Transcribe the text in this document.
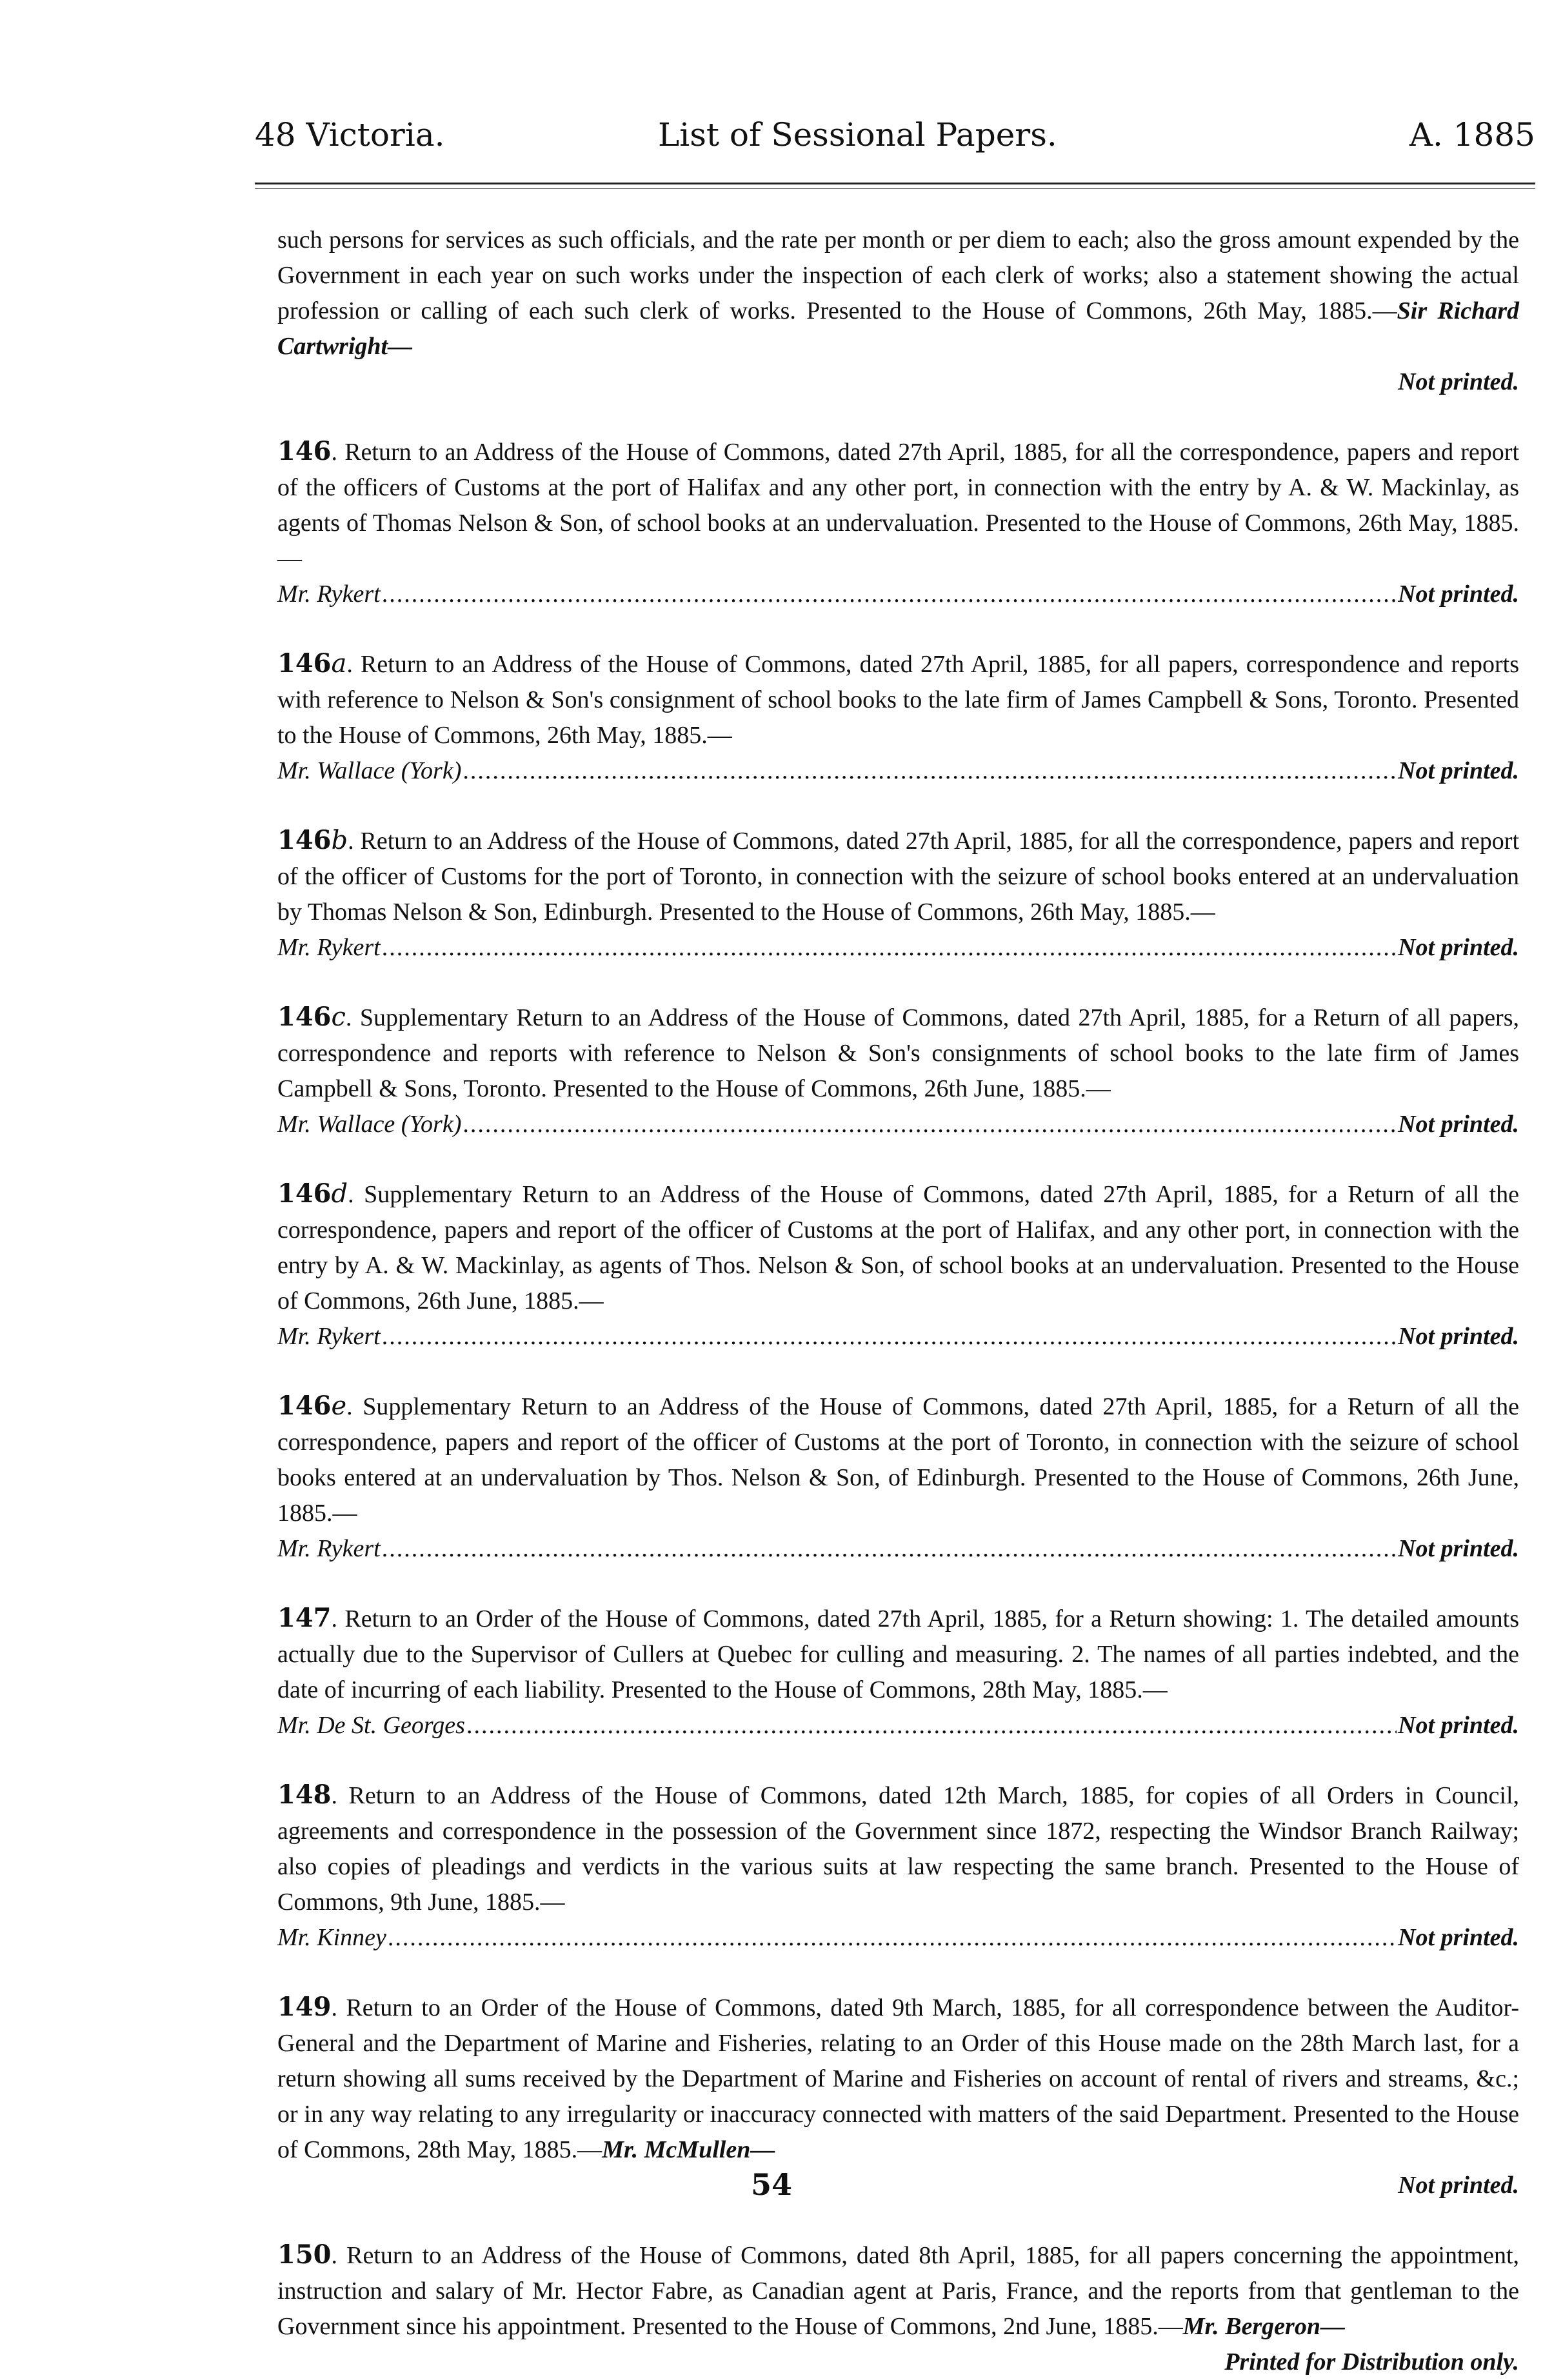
48 Victoria.	List of Sessional Papers.	A. 1885
such persons for services as such officials, and the rate per month or per diem to each; also the gross amount expended by the Government in each year on such works under the inspection of each clerk of works; also a statement showing the actual profession or calling of each such clerk of works. Presented to the House of Commons, 26th May, 1885.—Sir Richard Cartwright—
Not printed.
146. Return to an Address of the House of Commons, dated 27th April, 1885, for all the correspondence, papers and report of the officers of Customs at the port of Halifax and any other port, in connection with the entry by A. & W. Mackinlay, as agents of Thomas Nelson & Son, of school books at an undervaluation. Presented to the House of Commons, 26th May, 1885.—
Mr. Rykert .....	Not printed.
146a. Return to an Address of the House of Commons, dated 27th April, 1885, for all papers, correspondence and reports with reference to Nelson & Son's consignment of school books to the late firm of James Campbell & Sons, Toronto. Presented to the House of Commons, 26th May, 1885.—
Mr. Wallace (York) .....	Not printed.
146b. Return to an Address of the House of Commons, dated 27th April, 1885, for all the correspondence, papers and report of the officer of Customs for the port of Toronto, in connection with the seizure of school books entered at an undervaluation by Thomas Nelson & Son, Edinburgh. Presented to the House of Commons, 26th May, 1885.—
Mr. Rykert .....	Not printed.
146c. Supplementary Return to an Address of the House of Commons, dated 27th April, 1885, for a Return of all papers, correspondence and reports with reference to Nelson & Son's consignments of school books to the late firm of James Campbell & Sons, Toronto. Presented to the House of Commons, 26th June, 1885.—
Mr. Wallace (York) .....	Not printed.
146d. Supplementary Return to an Address of the House of Commons, dated 27th April, 1885, for a Return of all the correspondence, papers and report of the officer of Customs at the port of Halifax, and any other port, in connection with the entry by A. & W. Mackinlay, as agents of Thos. Nelson & Son, of school books at an undervaluation. Presented to the House of Commons, 26th June, 1885.—
Mr. Rykert .....	Not printed.
146e. Supplementary Return to an Address of the House of Commons, dated 27th April, 1885, for a Return of all the correspondence, papers and report of the officer of Customs at the port of Toronto, in connection with the seizure of school books entered at an undervaluation by Thos. Nelson & Son, of Edinburgh. Presented to the House of Commons, 26th June, 1885.—
Mr. Rykert .....	Not printed.
147. Return to an Order of the House of Commons, dated 27th April, 1885, for a Return showing: 1. The detailed amounts actually due to the Supervisor of Cullers at Quebec for culling and measuring. 2. The names of all parties indebted, and the date of incurring of each liability. Presented to the House of Commons, 28th May, 1885.—
Mr. De St. Georges .....	Not printed.
148. Return to an Address of the House of Commons, dated 12th March, 1885, for copies of all Orders in Council, agreements and correspondence in the possession of the Government since 1872, respecting the Windsor Branch Railway; also copies of pleadings and verdicts in the various suits at law respecting the same branch. Presented to the House of Commons, 9th June, 1885.—
Mr. Kinney .....	Not printed.
149. Return to an Order of the House of Commons, dated 9th March, 1885, for all correspondence between the Auditor-General and the Department of Marine and Fisheries, relating to an Order of this House made on the 28th March last, for a return showing all sums received by the Department of Marine and Fisheries on account of rental of rivers and streams, &c.; or in any way relating to any irregularity or inaccuracy connected with matters of the said Department. Presented to the House of Commons, 28th May, 1885.—Mr. McMullen—
Not printed.
150. Return to an Address of the House of Commons, dated 8th April, 1885, for all papers concerning the appointment, instruction and salary of Mr. Hector Fabre, as Canadian agent at Paris, France, and the reports from that gentleman to the Government since his appointment. Presented to the House of Commons, 2nd June, 1885.—Mr. Bergeron—
Printed for Distribution only.
54
